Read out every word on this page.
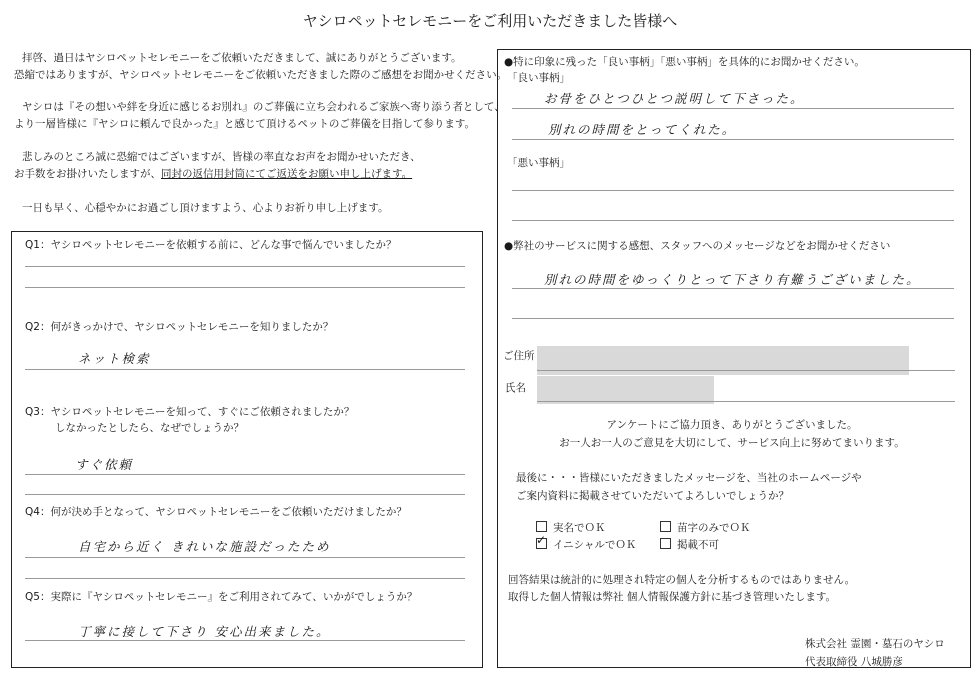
ヤシロペットセレモニーをご利用いただきました皆様へ
拝啓、過日はヤシロペットセレモニーをご依頼いただきまして、誠にありがとうございます。
恐縮ではありますが、ヤシロペットセレモニーをご依頼いただきました際のご感想をお聞かせください。
ヤシロは『その想いや絆を身近に感じるお別れ』のご葬儀に立ち会われるご家族へ寄り添う者として、
より一層皆様に『ヤシロに頼んで良かった』と感じて頂けるペットのご葬儀を目指して参ります。
悲しみのところ誠に恐縮ではございますが、皆様の率直なお声をお聞かせいただき、
お手数をお掛けいたしますが、同封の返信用封筒にてご返送をお願い申し上げます。
一日も早く、心穏やかにお過ごし頂けますよう、心よりお祈り申し上げます。
Q1：ヤシロペットセレモニーを依頼する前に、どんな事で悩んでいましたか？
Q2：何がきっかけで、ヤシロペットセレモニーを知りましたか？
ネット検索
Q3：ヤシロペットセレモニーを知って、すぐにご依頼されましたか？
しなかったとしたら、なぜでしょうか？
すぐ依頼
Q4：何が決め手となって、ヤシロペットセレモニーをご依頼いただけましたか？
自宅から近く きれいな施設だったため
Q5：実際に『ヤシロペットセレモニー』をご利用されてみて、いかがでしょうか？
丁寧に接して下さり 安心出来ました。
●特に印象に残った「良い事柄」「悪い事柄」を具体的にお聞かせください。
「良い事柄」
お骨をひとつひとつ説明して下さった。
別れの時間をとってくれた。
「悪い事柄」
●弊社のサービスに関する感想、スタッフへのメッセージなどをお聞かせください
別れの時間をゆっくりとって下さり有難うございました。
ご住所
氏名
アンケートにご協力頂き、ありがとうございました。
お一人お一人のご意見を大切にして、サービス向上に努めてまいります。
最後に・・・皆様にいただきましたメッセージを、当社のホームページや
ご案内資料に掲載させていただいてよろしいでしょうか？
実名でＯＫ	苗字のみでＯＫ
✓イニシャルでＯＫ	掲載不可
回答結果は統計的に処理され特定の個人を分析するものではありません。
取得した個人情報は弊社 個人情報保護方針に基づき管理いたします。
株式会社 霊園・墓石のヤシロ
代表取締役 八城勝彦
